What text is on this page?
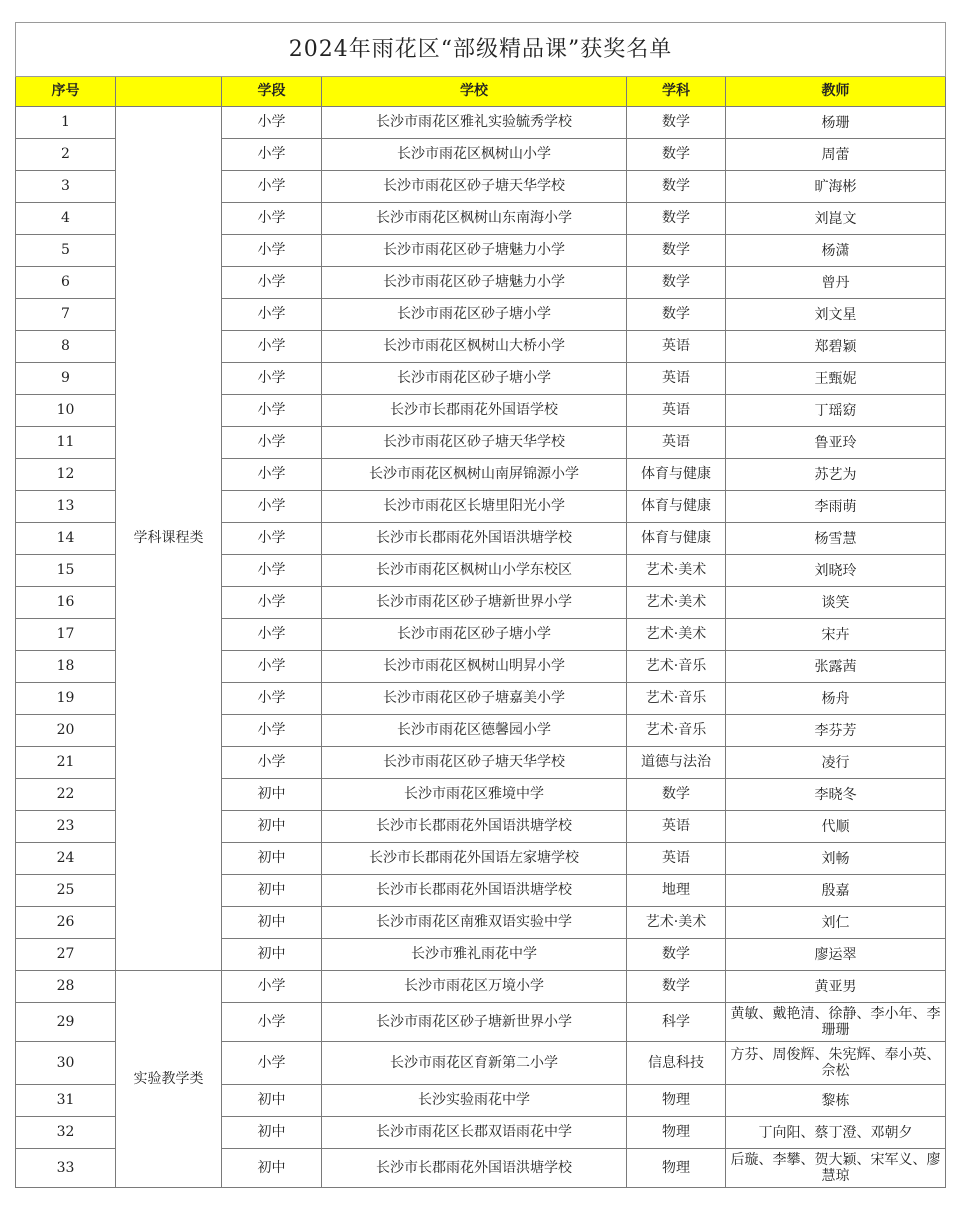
2024年雨花区“部级精品课”获奖名单					
序号		学段	学校	学科	教师
1	学科课程类	小学	长沙市雨花区雅礼实验毓秀学校	数学	杨珊
2		小学	长沙市雨花区枫树山小学	数学	周蕾
3		小学	长沙市雨花区砂子塘天华学校	数学	旷海彬
4		小学	长沙市雨花区枫树山东南海小学	数学	刘崑文
5		小学	长沙市雨花区砂子塘魅力小学	数学	杨潇
6		小学	长沙市雨花区砂子塘魅力小学	数学	曾丹
7		小学	长沙市雨花区砂子塘小学	数学	刘文星
8		小学	长沙市雨花区枫树山大桥小学	英语	郑碧颖
9		小学	长沙市雨花区砂子塘小学	英语	王甄妮
10		小学	长沙市长郡雨花外国语学校	英语	丁瑶窈
11		小学	长沙市雨花区砂子塘天华学校	英语	鲁亚玲
12		小学	长沙市雨花区枫树山南屏锦源小学	体育与健康	苏艺为
13		小学	长沙市雨花区长塘里阳光小学	体育与健康	李雨萌
14		小学	长沙市长郡雨花外国语洪塘学校	体育与健康	杨雪慧
15		小学	长沙市雨花区枫树山小学东校区	艺术·美术	刘晓玲
16		小学	长沙市雨花区砂子塘新世界小学	艺术·美术	谈笑
17		小学	长沙市雨花区砂子塘小学	艺术·美术	宋卉
18		小学	长沙市雨花区枫树山明昇小学	艺术·音乐	张露茜
19		小学	长沙市雨花区砂子塘嘉美小学	艺术·音乐	杨舟
20		小学	长沙市雨花区德馨园小学	艺术·音乐	李芬芳
21		小学	长沙市雨花区砂子塘天华学校	道德与法治	凌行
22		初中	长沙市雨花区雅境中学	数学	李晓冬
23		初中	长沙市长郡雨花外国语洪塘学校	英语	代顺
24		初中	长沙市长郡雨花外国语左家塘学校	英语	刘畅
25		初中	长沙市长郡雨花外国语洪塘学校	地理	殷嘉
26		初中	长沙市雨花区南雅双语实验中学	艺术·美术	刘仁
27		初中	长沙市雅礼雨花中学	数学	廖运翠
28	实验教学类	小学	长沙市雨花区万境小学	数学	黄亚男
29		小学	长沙市雨花区砂子塘新世界小学	科学	黄敏、戴艳清、徐静、李小年、李珊珊
30		小学	长沙市雨花区育新第二小学	信息科技	方芬、周俊辉、朱宪辉、奉小英、佘松
31		初中	长沙实验雨花中学	物理	黎栋
32		初中	长沙市雨花区长郡双语雨花中学	物理	丁向阳、蔡丁澄、邓朝夕
33		初中	长沙市长郡雨花外国语洪塘学校	物理	后璇、李攀、贺大颖、宋军义、廖慧琼
